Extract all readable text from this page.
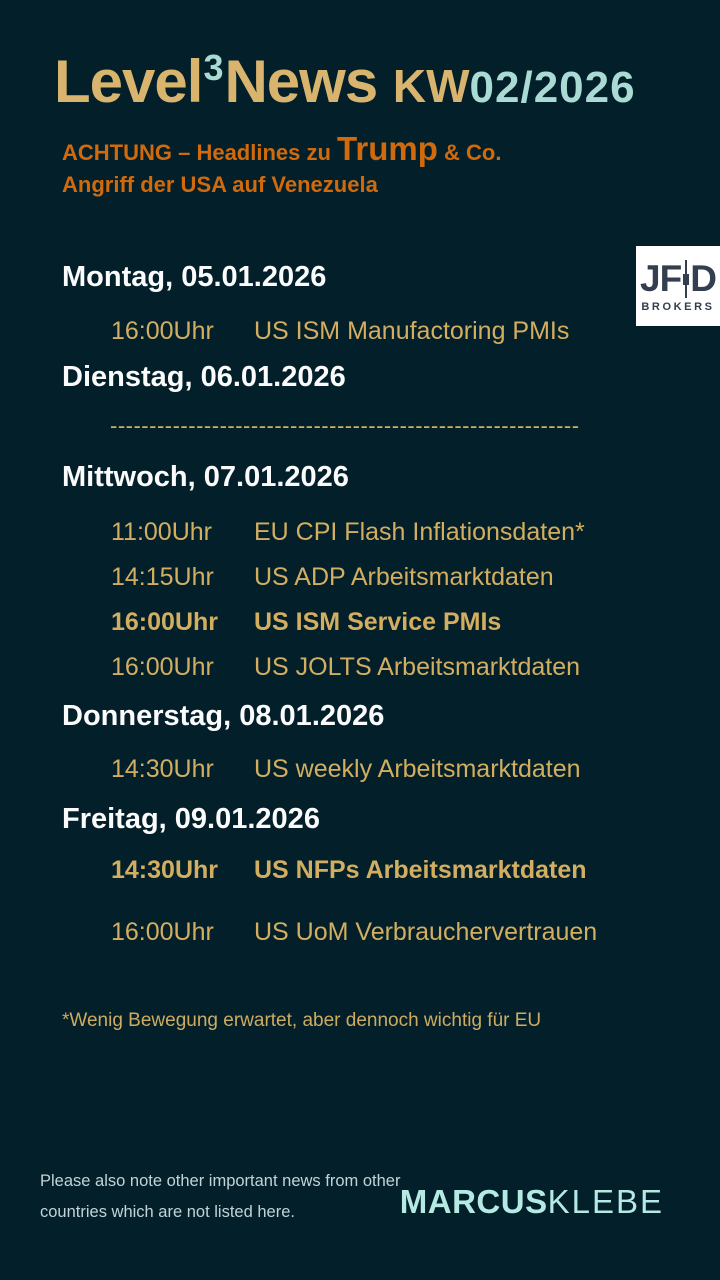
Level3News KW02/2026
ACHTUNG – Headlines zu Trump & Co.
Angriff der USA auf Venezuela
JF D
BROKERS
Montag, 05.01.2026
16:00Uhr US ISM Manufactoring PMIs
Dienstag, 06.01.2026
------------------------------------------------------------
Mittwoch, 07.01.2026
11:00Uhr EU CPI Flash Inflationsdaten*
14:15Uhr US ADP Arbeitsmarktdaten
16:00Uhr US ISM Service PMIs
16:00Uhr US JOLTS Arbeitsmarktdaten
Donnerstag, 08.01.2026
14:30Uhr US weekly Arbeitsmarktdaten
Freitag, 09.01.2026
14:30Uhr US NFPs Arbeitsmarktdaten
16:00Uhr US UoM Verbrauchervertrauen
*Wenig Bewegung erwartet, aber dennoch wichtig für EU
Please also note other important news from other
countries which are not listed here.	MARCUSKLEBE
